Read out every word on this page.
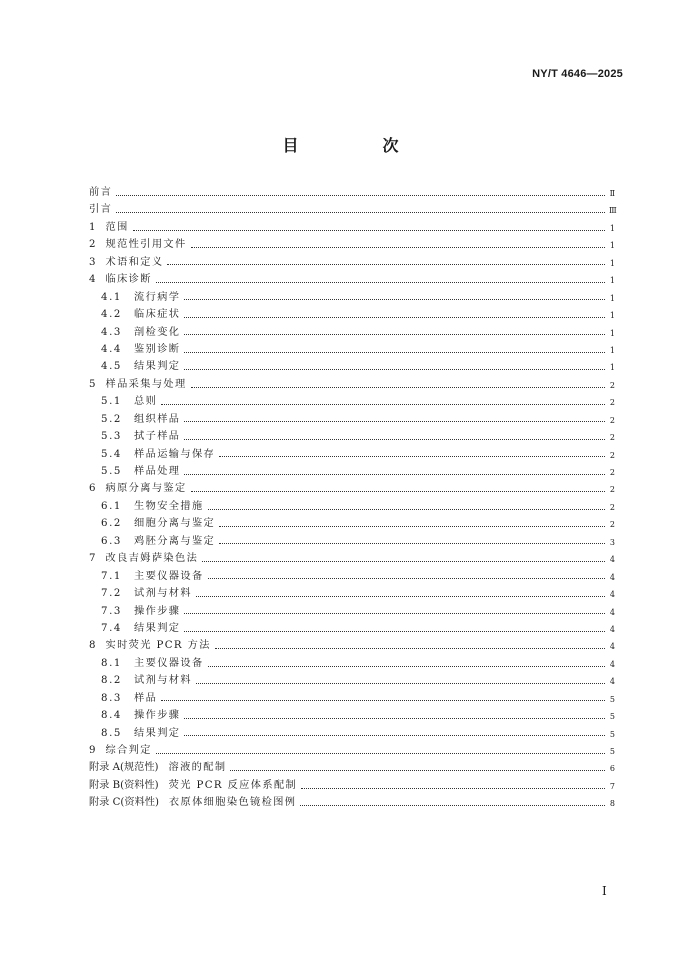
NY/T 4646—2025
目　次
前言	Ⅱ
引言	Ⅲ
1 范围	1
2 规范性引用文件	1
3 术语和定义	1
4 临床诊断	1
4.1 流行病学	1
4.2 临床症状	1
4.3 剖检变化	1
4.4 鉴别诊断	1
4.5 结果判定	1
5 样品采集与处理	2
5.1 总则	2
5.2 组织样品	2
5.3 拭子样品	2
5.4 样品运输与保存	2
5.5 样品处理	2
6 病原分离与鉴定	2
6.1 生物安全措施	2
6.2 细胞分离与鉴定	2
6.3 鸡胚分离与鉴定	3
7 改良吉姆萨染色法	4
7.1 主要仪器设备	4
7.2 试剂与材料	4
7.3 操作步骤	4
7.4 结果判定	4
8 实时荧光 PCR 方法	4
8.1 主要仪器设备	4
8.2 试剂与材料	4
8.3 样品	5
8.4 操作步骤	5
8.5 结果判定	5
9 综合判定	5
附录 A(规范性) 溶液的配制	6
附录 B(资料性) 荧光 PCR 反应体系配制	7
附录 C(资料性) 衣原体细胞染色镜检图例	8
I
